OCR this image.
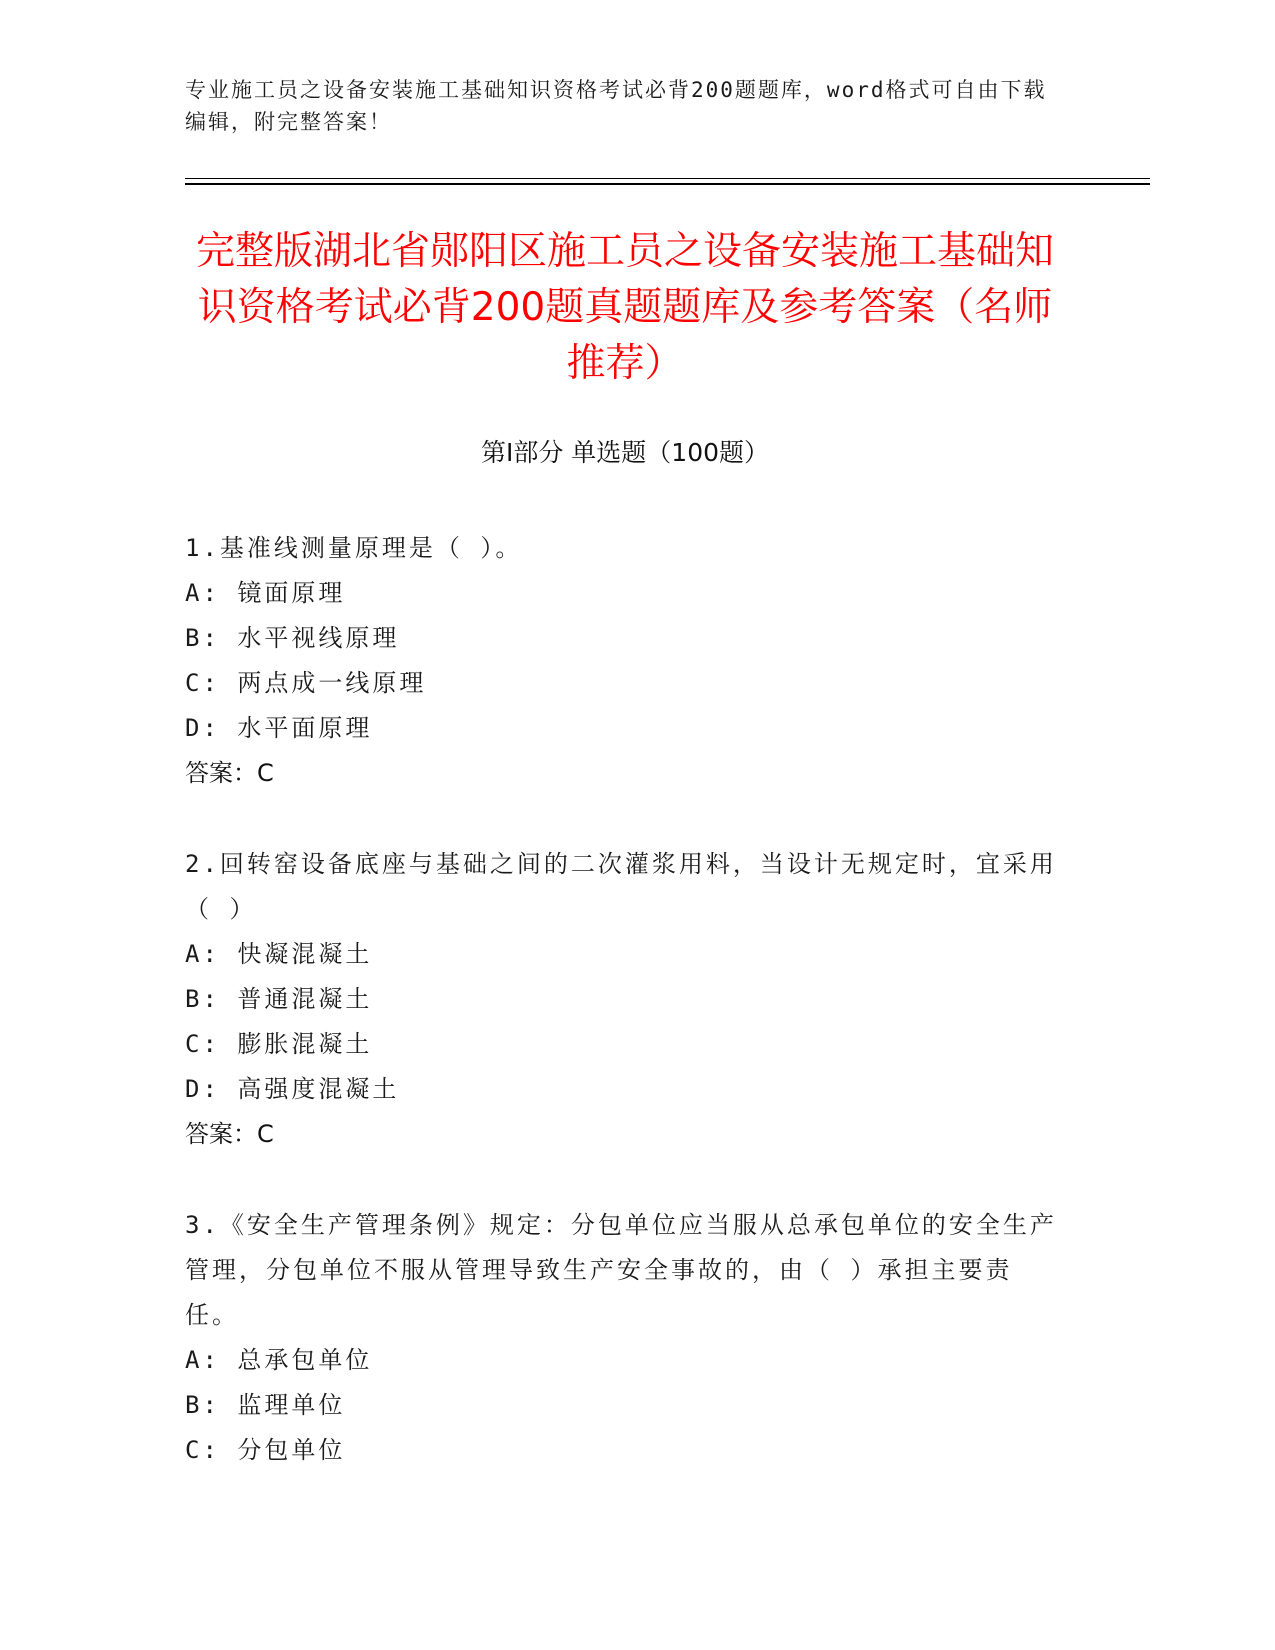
专业施工员之设备安装施工基础知识资格考试必背200题题库，word格式可自由下载编辑，附完整答案！
完整版湖北省郧阳区施工员之设备安装施工基础知识资格考试必背200题真题题库及参考答案（名师推荐）
第Ⅰ部分 单选题（100题）
1.基准线测量原理是（ ）。
A: 镜面原理
B: 水平视线原理
C: 两点成一线原理
D: 水平面原理
答案：C
2.回转窑设备底座与基础之间的二次灌浆用料，当设计无规定时，宜采用（ ）
A: 快凝混凝土
B: 普通混凝土
C: 膨胀混凝土
D: 高强度混凝土
答案：C
3.《安全生产管理条例》规定：分包单位应当服从总承包单位的安全生产管理，分包单位不服从管理导致生产安全事故的，由（ ）承担主要责任。
A: 总承包单位
B: 监理单位
C: 分包单位
